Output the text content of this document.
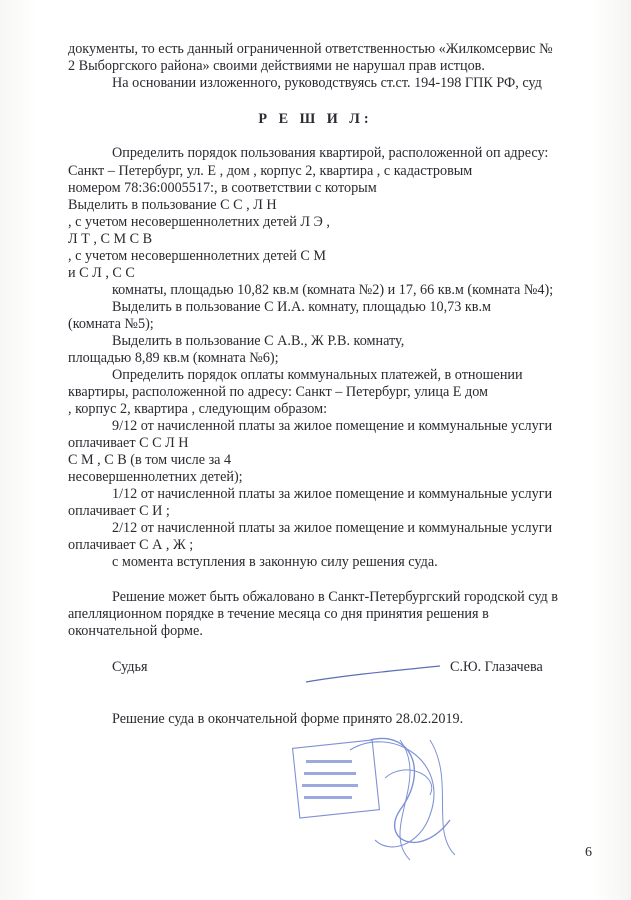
документы, то есть данный ограниченной ответственностью «Жилкомсервис №
2 Выборгского района» своими действиями не нарушал прав истцов.
На основании изложенного, руководствуясь ст.ст. 194-198 ГПК РФ, суд
Р Е Ш И Л:
Определить порядок пользования квартирой, расположенной оп адресу:
Санкт – Петербург, ул. Е , дом , корпус 2, квартира , с кадастровым
номером 78:36:0005517:, в соответствии с которым
Выделить в пользование С С , Л Н
, с учетом несовершеннолетних детей Л Э ,
Л Т , С М С В
, с учетом несовершеннолетних детей С М
и С Л , С С
комнаты, площадью 10,82 кв.м (комната №2) и 17, 66 кв.м (комната №4);
Выделить в пользование С И.А. комнату, площадью 10,73 кв.м
(комната №5);
Выделить в пользование С А.В., Ж Р.В. комнату,
площадью 8,89 кв.м (комната №6);
Определить порядок оплаты коммунальных платежей, в отношении
квартиры, расположенной по адресу: Санкт – Петербург, улица Е дом
, корпус 2, квартира , следующим образом:
9/12 от начисленной платы за жилое помещение и коммунальные услуги
оплачивает С С Л Н
С М , С В (в том числе за 4
несовершеннолетних детей);
1/12 от начисленной платы за жилое помещение и коммунальные услуги
оплачивает С И ;
2/12 от начисленной платы за жилое помещение и коммунальные услуги
оплачивает С А , Ж ;
с момента вступления в законную силу решения суда.
Решение может быть обжаловано в Санкт-Петербургский городской суд в
апелляционном порядке в течение месяца со дня принятия решения в
окончательной форме.
Судья	С.Ю. Глазачева
Решение суда в окончательной форме принято 28.02.2019.
6
